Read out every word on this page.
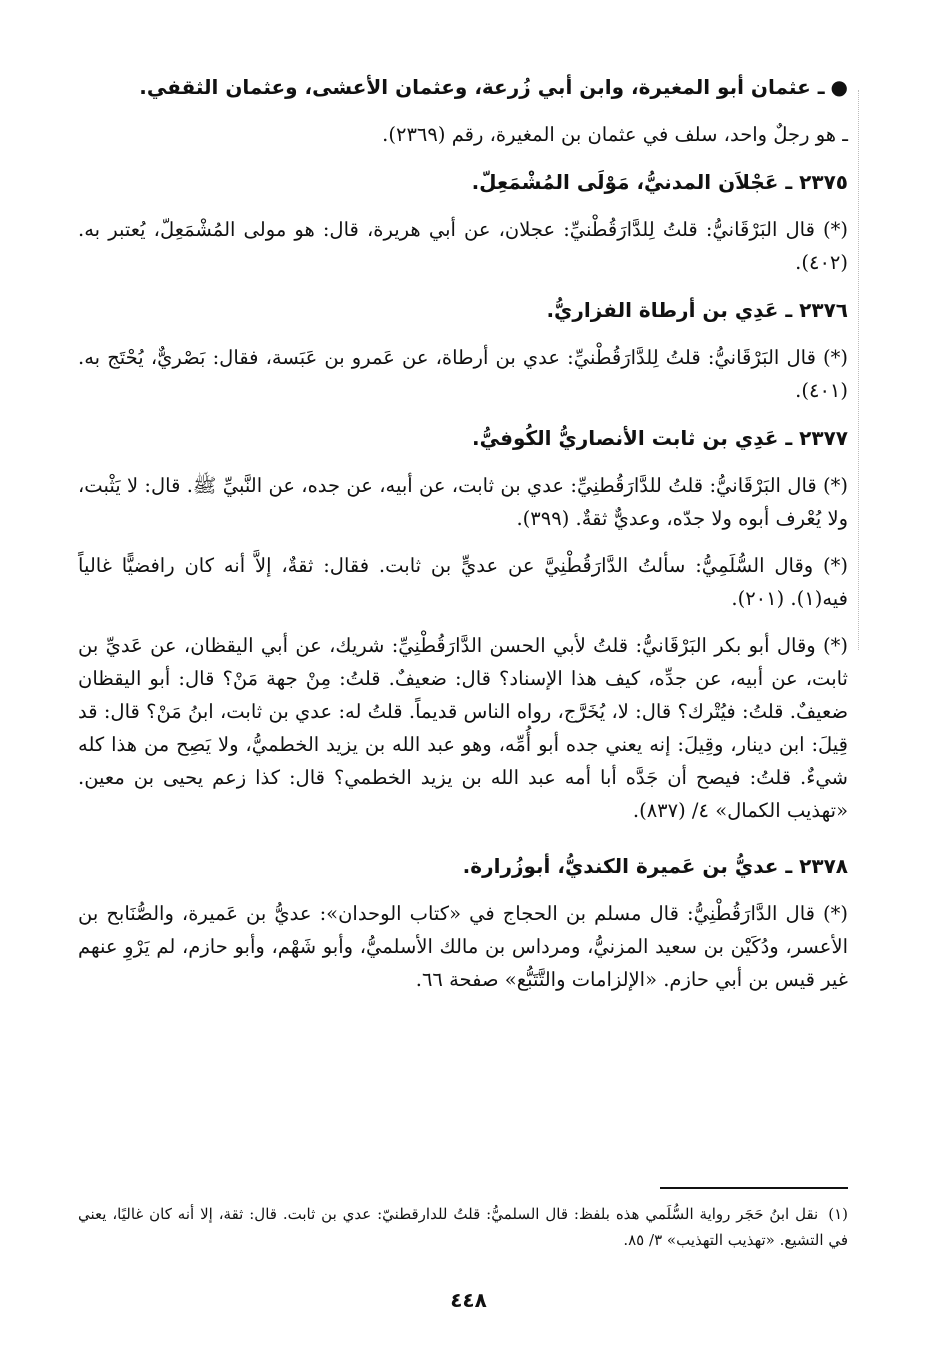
●ـ عثمان أبو المغيرة، وابن أبي زُرعة، وعثمان الأعشى، وعثمان الثقفي.

ـ هو رجلٌ واحد، سلف في عثمان بن المغيرة، رقم (٢٣٦٩).

٢٣٧٥ ـ عَجْلاَن المدنيُّ، مَوْلَى المُشْمَعِلّ.

(*) قال البَرْقَانيُّ: قلتُ لِلدَّارَقُطْنيِّ: عجلان، عن أبي هريرة، قال: هو مولى المُشْمَعِلّ، يُعتبر به. (٤٠٢).

٢٣٧٦ ـ عَدِي بن أرطاة الفزاريُّ.

(*) قال البَرْقَانيُّ: قلتُ لِلدَّارَقُطْنيِّ: عدي بن أرطاة، عن عَمرو بن عَبَسة، فقال: بَصْريٌّ، يُحْتَج به. (٤٠١).

٢٣٧٧ ـ عَدِي بن ثابت الأنصاريُّ الكُوفيُّ.

(*) قال البَرْقَانيُّ: قلتُ للدَّارَقُطنِيِّ: عدي بن ثابت، عن أبيه، عن جده، عن النَّبيِّ ﷺ. قال: لا يَثْبت، ولا يُعْرف أبوه ولا جدّه، وعديٌّ ثقةٌ. (٣٩٩).

(*) وقال السُّلَمِيُّ: سألتُ الدَّارَقُطْنِيَّ عن عديٍّ بن ثابت. فقال: ثقةٌ، إلاَّ أنه كان رافضيًّا غالياً فيه(١). (٢٠١).

(*) وقال أبو بكر البَرْقَانيُّ: قلتُ لأبي الحسن الدَّارَقُطْنِيِّ: شريك، عن أبي اليقظان، عن عَديِّ بن ثابت، عن أبيه، عن جدِّه، كيف هذا الإسناد؟ قال: ضعيفٌ. قلتُ: مِنْ جهة مَنْ؟ قال: أبو اليقظان ضعيفٌ. قلتُ: فيُتْرك؟ قال: لا، يُخَرَّج، رواه الناس قديماً. قلتُ له: عدي بن ثابت، ابنُ مَنْ؟ قال: قد قِيلَ: ابن دينار، وقِيلَ: إنه يعني جده أبو أُمِّه، وهو عبد الله بن يزيد الخطميُّ، ولا يَصِح من هذا كله شيءٌ. قلتُ: فيصح أن جَدَّه أبا أمه عبد الله بن يزيد الخطمي؟ قال: كذا زعم يحيى بن معين. «تهذيب الكمال» ٤/ (٨٣٧).

٢٣٧٨ ـ عديُّ بن عَميرة الكنديُّ، أبوزُرارة.

(*) قال الدَّارَقُطْنِيُّ: قال مسلم بن الحجاج في «كتاب الوحدان»: عديُّ بن عَميرة، والصُّنَابح بن الأعسر، ودُكَيْن بن سعيد المزنيُّ، ومرداس بن مالك الأسلميُّ، وأبو شَهْم، وأبو حازم، لم يَرْوِ عنهم غير قيس بن أبي حازم. «الإلزامات والتَّتَبُّع» صفحة ٦٦.

(١)نقل ابنُ حَجَر رواية السُّلَمي هذه بلفظ: قال السلميُّ: قلتُ للدارقطنيّ: عدي بن ثابت. قال: ثقة، إلا أنه كان غاليًا، يعني في التشيع. «تهذيب التهذيب» ٣/ ٨٥.
٤٤٨
